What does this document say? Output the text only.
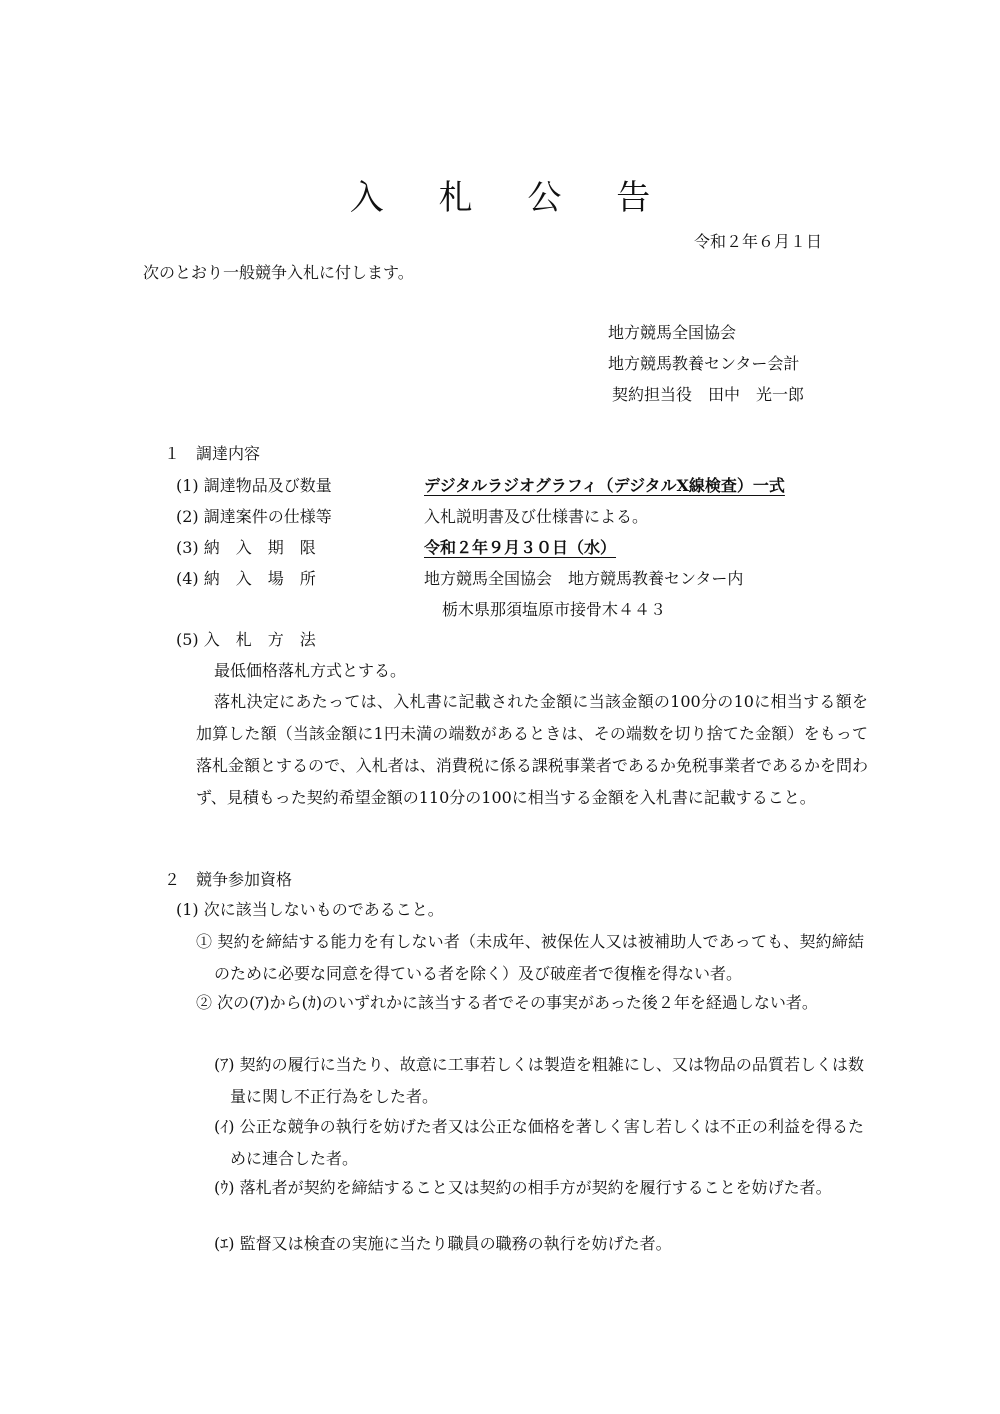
入 札 公 告
令和２年６月１日
次のとおり一般競争入札に付します。
地方競馬全国協会
地方競馬教養センター会計
契約担当役　田中　光一郎
１　調達内容
(1) 調達物品及び数量	デジタルラジオグラフィ（デジタルX線検査）一式
(2) 調達案件の仕様等	入札説明書及び仕様書による。
(3) 納　入　期　限	令和２年９月３０日（水）
(4) 納　入　場　所	地方競馬全国協会　地方競馬教養センター内
栃木県那須塩原市接骨木４４３
(5) 入　札　方　法
最低価格落札方式とする。
落札決定にあたっては、入札書に記載された金額に当該金額の100分の10に相当する額を加算した額（当該金額に1円未満の端数があるときは、その端数を切り捨てた金額）をもって落札金額とするので、入札者は、消費税に係る課税事業者であるか免税事業者であるかを問わず、見積もった契約希望金額の110分の100に相当する金額を入札書に記載すること。
２　競争参加資格
(1) 次に該当しないものであること。
① 契約を締結する能力を有しない者（未成年、被保佐人又は被補助人であっても、契約締結のために必要な同意を得ている者を除く）及び破産者で復権を得ない者。
② 次の(ｱ)から(ｶ)のいずれかに該当する者でその事実があった後２年を経過しない者。
(ｱ) 契約の履行に当たり、故意に工事若しくは製造を粗雑にし、又は物品の品質若しくは数量に関し不正行為をした者。
(ｲ) 公正な競争の執行を妨げた者又は公正な価格を著しく害し若しくは不正の利益を得るために連合した者。
(ｳ) 落札者が契約を締結すること又は契約の相手方が契約を履行することを妨げた者。
(ｴ) 監督又は検査の実施に当たり職員の職務の執行を妨げた者。
